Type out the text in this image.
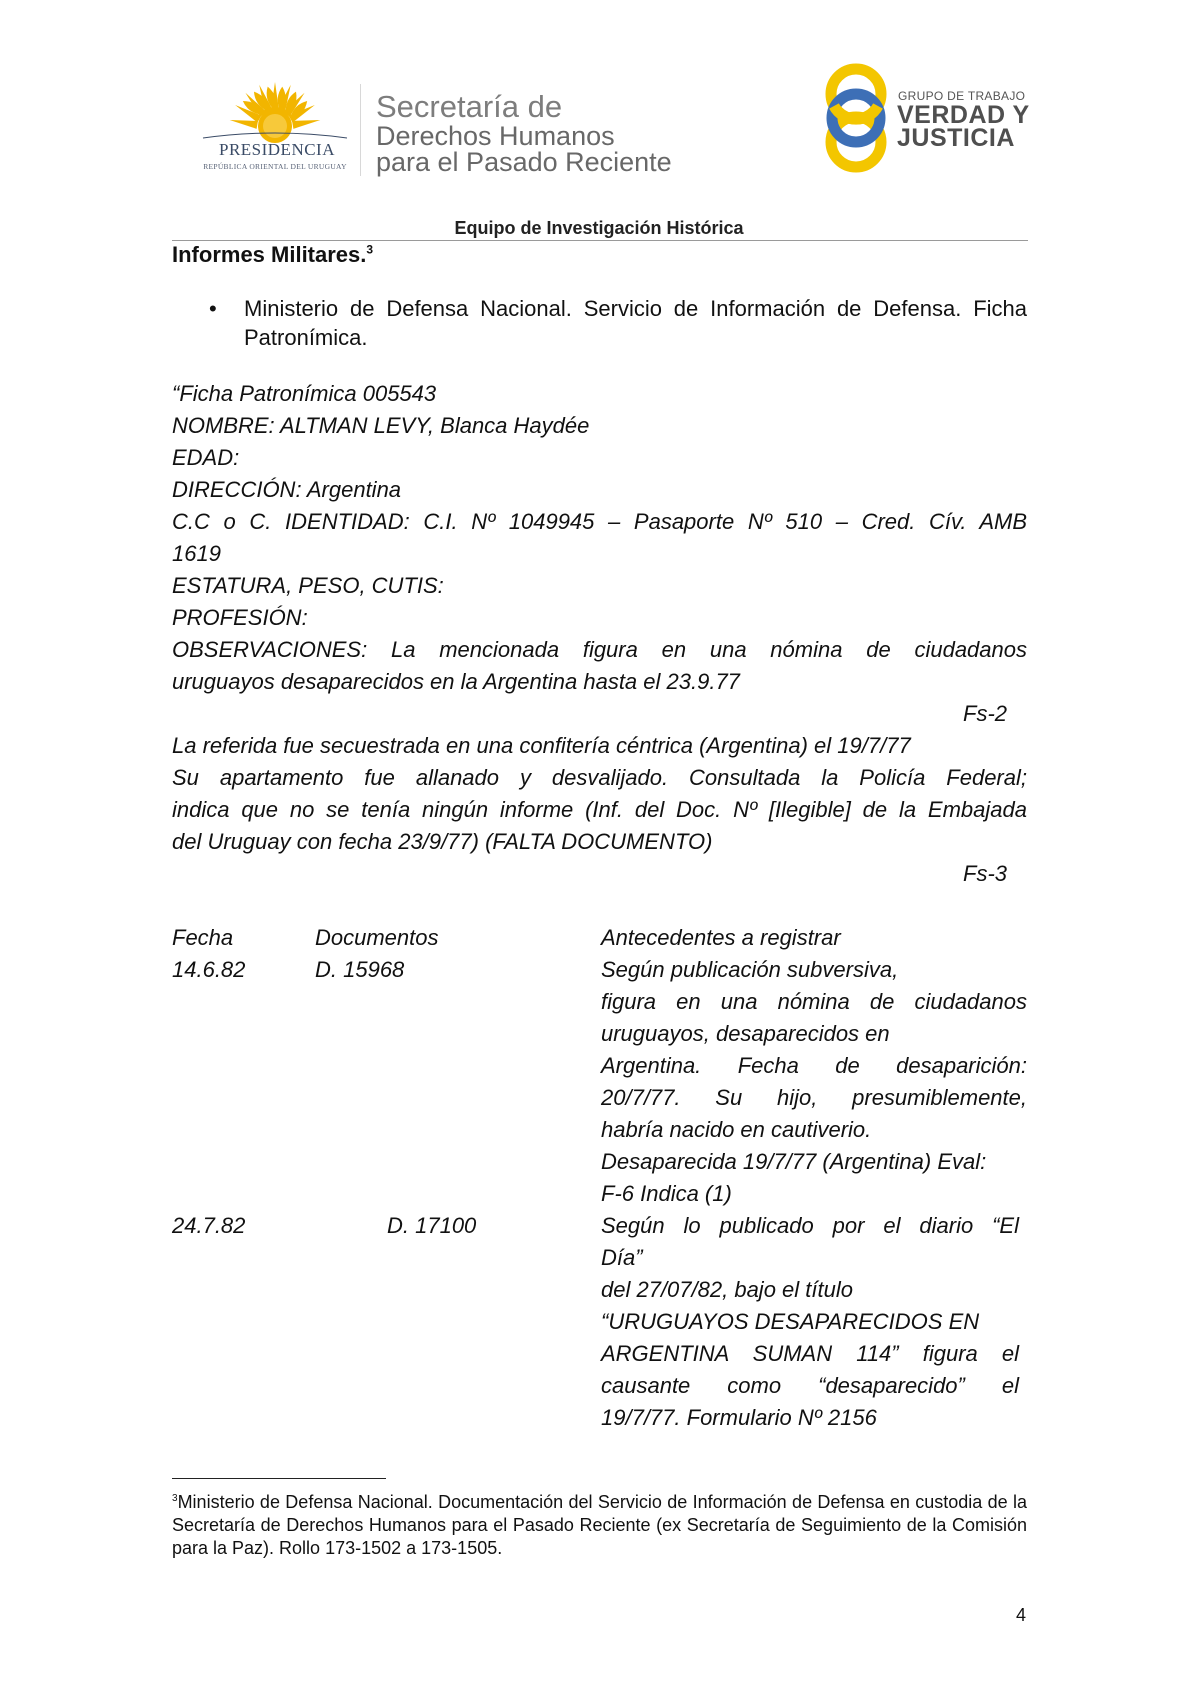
PRESIDENCIA
REPÚBLICA ORIENTAL DEL URUGUAY
Secretaría de
Derechos Humanos
para el Pasado Reciente
GRUPO DE TRABAJO
VERDAD Y
JUSTICIA
Equipo de Investigación Histórica
Informes Militares.$^3$
• Ministerio de Defensa Nacional. Servicio de Información de Defensa. Ficha Patronímica.
“Ficha Patronímica 005543
NOMBRE: ALTMAN LEVY, Blanca Haydée
EDAD:
DIRECCIÓN: Argentina
C.C o C. IDENTIDAD: C.I. Nº 1049945 – Pasaporte Nº 510 – Cred. Cív. AMB
1619
ESTATURA, PESO, CUTIS:
PROFESIÓN:
OBSERVACIONES: La mencionada figura en una nómina de ciudadanos
uruguayos desaparecidos en la Argentina hasta el 23.9.77
Fs-2
La referida fue secuestrada en una confitería céntrica (Argentina) el 19/7/77
Su apartamento fue allanado y desvalijado. Consultada la Policía Federal;
indica que no se tenía ningún informe (Inf. del Doc. Nº [Ilegible] de la Embajada
del Uruguay con fecha 23/9/77) (FALTA DOCUMENTO)
Fs-3
Fecha	Documentos	Antecedentes a registrar
14.6.82	D. 15968	Según publicación subversiva,
figura en una nómina de ciudadanos
uruguayos, desaparecidos en
Argentina. Fecha de desaparición:
20/7/77. Su hijo, presumiblemente,
habría nacido en cautiverio.
Desaparecida 19/7/77 (Argentina) Eval:
F-6 Indica (1)
24.7.82	D. 17100	Según lo publicado por el diario “El
Día”
del 27/07/82, bajo el título
“URUGUAYOS DESAPARECIDOS EN
ARGENTINA SUMAN 114” figura el
causante como “desaparecido” el
19/7/77. Formulario Nº 2156
$^3$Ministerio de Defensa Nacional. Documentación del Servicio de Información de Defensa en custodia de la Secretaría de Derechos Humanos para el Pasado Reciente (ex Secretaría de Seguimiento de la Comisión para la Paz). Rollo 173-1502 a 173-1505.
4
